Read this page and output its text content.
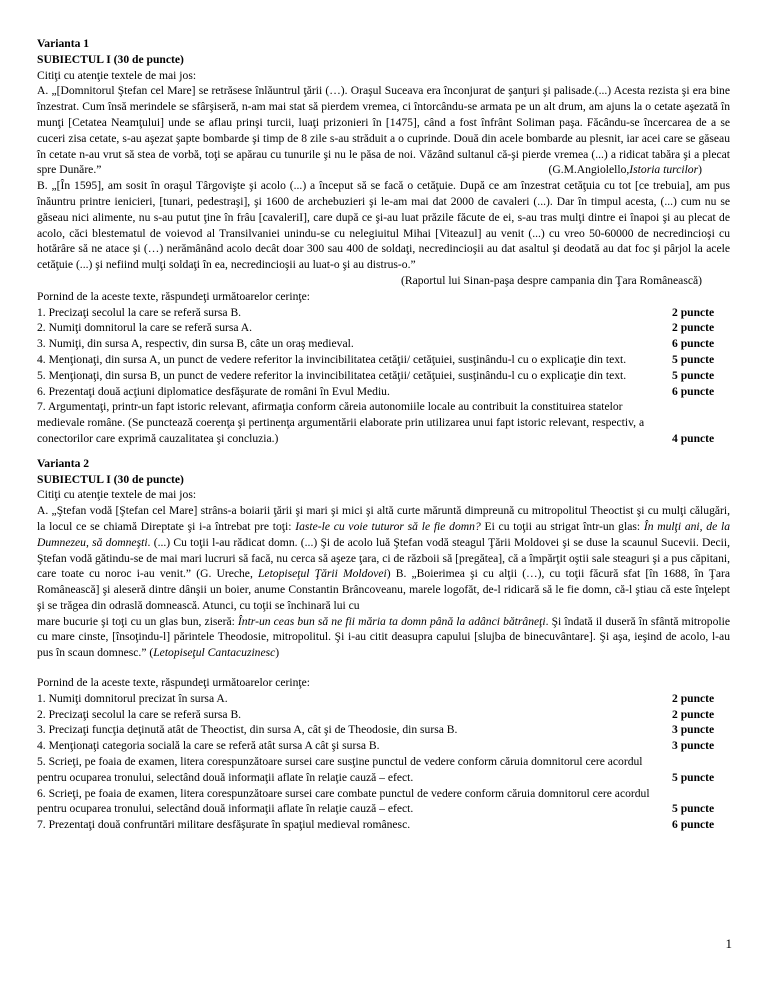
Varianta 1
SUBIECTUL I (30 de puncte)
Citiţi cu atenţie textele de mai jos:
A. „[Domnitorul Ştefan cel Mare] se retrăsese înlăuntrul ţării (…). Oraşul Suceava era înconjurat de şanţuri şi palisade.(...) Acesta rezista şi era bine înzestrat. Cum însă merindele se sfârşiseră, n-am mai stat să pierdem vremea, ci întorcându-se armata pe un alt drum, am ajuns la o cetate aşezată în munţi [Cetatea Neamţului] unde se aflau prinşi turcii, luaţi prizonieri în [1475], când a fost înfrânt Soliman paşa. Făcându-se încercarea de a se cuceri zisa cetate, s-au aşezat şapte bombarde şi timp de 8 zile s-au străduit a o cuprinde. Două din acele bombarde au plesnit, iar acei care se găseau în cetate n-au vrut să stea de vorbă, toţi se apărau cu tunurile şi nu le păsa de noi. Văzând sultanul că-şi pierde vremea (...) a ridicat tabăra şi a plecat spre Dunăre.”	(G.M.Angiolello, Istoria turcilor )
B. „[În 1595], am sosit în oraşul Târgovişte şi acolo (...) a început să se facă o cetăţuie. După ce am înzestrat cetăţuia cu tot [ce trebuia], am pus înăuntru printre ienicieri, [tunari, pedestraşi], şi 1600 de archebuzieri şi le-am mai dat 2000 de cavaleri (...). Dar în timpul acesta, (...) cum nu se găseau nici alimente, nu s-au putut ţine în frâu [cavaleriI], care după ce şi-au luat prăzile făcute de ei, s-au tras mulţi dintre ei înapoi şi au plecat de acolo, căci blestematul de voievod al Transilvaniei unindu-se cu nelegiuitul Mihai [Viteazul] au venit (...) cu vreo 50-60000 de necredincioşi cu hotărâre să ne atace şi (…) nerămânând acolo decât doar 300 sau 400 de soldaţi, necredincioşii au dat asaltul şi deodată au dat foc şi pârjol la acele cetăţuie (...) şi nefiind mulţi soldaţi în ea, necredincioşii au luat-o şi au distrus-o.”
(Raportul lui Sinan-paşa despre campania din Ţara Românească)
Pornind de la aceste texte, răspundeţi următoarelor cerinţe:
1. Precizaţi secolul la care se referă sursa B.	2 puncte
2. Numiţi domnitorul la care se referă sursa A.	2 puncte
3. Numiţi, din sursa A, respectiv, din sursa B, câte un oraş medieval.	6 puncte
4. Menţionaţi, din sursa A, un punct de vedere referitor la invincibilitatea cetăţii/ cetăţuiei, susţinându-l cu o explicaţie din text.	5 puncte
5. Menţionaţi, din sursa B, un punct de vedere referitor la invincibilitatea cetăţii/ cetăţuiei, susţinându-l cu o explicaţie din text.	5 puncte
6. Prezentaţi două acţiuni diplomatice desfăşurate de români în Evul Mediu.	6 puncte
7. Argumentaţi, printr-un fapt istoric relevant, afirmaţia conform căreia autonomiile locale au contribuit la constituirea statelor medievale române. (Se punctează coerenţa şi pertinenţa argumentării elaborate prin utilizarea unui fapt istoric relevant, respectiv, a conectorilor care exprimă cauzalitatea şi concluzia.)	4 puncte
Varianta 2
SUBIECTUL I (30 de puncte)
Citiţi cu atenţie textele de mai jos:
A. „Ştefan vodă [Ştefan cel Mare] strâns-a boiarii ţării şi mari şi mici şi altă curte măruntă dimpreună cu mitropolitul Theoctist şi cu mulţi călugări, la locul ce se chiamă Direptate şi i-a întrebat pre toţi: Iaste-le cu voie tuturor să le fie domn? Ei cu toţii au strigat într-un glas: În mulţi ani, de la Dumnezeu, să domneşti. (...) Cu toţii l-au rădicat domn. (...) Şi de acolo luă Ştefan vodă steagul Ţării Moldovei şi se duse la scaunul Sucevii. Decii, Ştefan vodă gătindu-se de mai mari lucruri să facă, nu cerca să aşeze ţara, ci de războii să [pregătea], că a împărţit oştii sale steaguri şi a pus căpitani, care toate cu noroc i-au venit.” (G. Ureche, Letopiseţul Ţării Moldovei) B. „Boierimea şi cu alţii (…), cu toţii făcură sfat [în 1688, în Ţara Românească] şi aleseră dintre dânşii un boier, anume Constantin Brâncoveanu, marele logofăt, de-l ridicară să le fie domn, că-l ştiau că este înţelept şi se trăgea din odraslă domnească. Atunci, cu toţii se închinară lui cu
mare bucurie şi toţi cu un glas bun, ziseră: Într-un ceas bun să ne fii măria ta domn până la adânci bătrâneţi. Şi îndată il duseră în sfântă mitropolie cu mare cinste, [însoţindu-l] părintele Theodosie, mitropolitul. Şi i-au citit deasupra capului [slujba de binecuvântare]. Şi aşa, ieşind de acolo, l-au pus în scaun domnesc.” (Letopiseţul Cantacuzinesc)
Pornind de la aceste texte, răspundeţi următoarelor cerinţe:
1. Numiţi domnitorul precizat în sursa A.	2 puncte
2. Precizaţi secolul la care se referă sursa B.	2 puncte
3. Precizaţi funcţia deţinută atât de Theoctist, din sursa A, cât şi de Theodosie, din sursa B.	3 puncte
4. Menţionaţi categoria socială la care se referă atât sursa A cât şi sursa B.	3 puncte
5. Scrieţi, pe foaia de examen, litera corespunzătoare sursei care susţine punctul de vedere conform căruia domnitorul cere acordul pentru ocuparea tronului, selectând două informaţii aflate în relaţie cauză – efect.	5 puncte
6. Scrieţi, pe foaia de examen, litera corespunzătoare sursei care combate punctul de vedere conform căruia domnitorul cere acordul pentru ocuparea tronului, selectând două informaţii aflate în relaţie cauză – efect.	5 puncte
7. Prezentaţi două confruntări militare desfăşurate în spaţiul medieval românesc.	6 puncte
1
